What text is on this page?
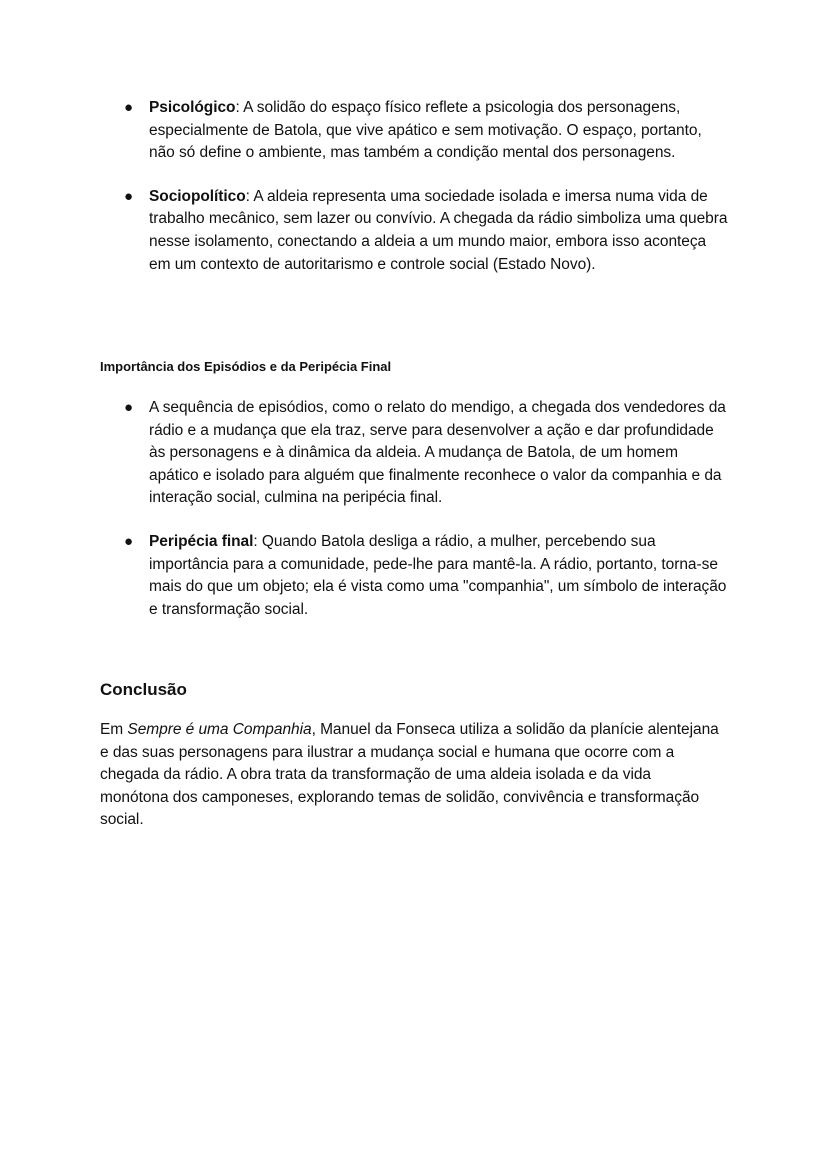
● Psicológico: A solidão do espaço físico reflete a psicologia dos personagens, especialmente de Batola, que vive apático e sem motivação. O espaço, portanto, não só define o ambiente, mas também a condição mental dos personagens.

● Sociopolítico: A aldeia representa uma sociedade isolada e imersa numa vida de trabalho mecânico, sem lazer ou convívio. A chegada da rádio simboliza uma quebra nesse isolamento, conectando a aldeia a um mundo maior, embora isso aconteça em um contexto de autoritarismo e controle social (Estado Novo).

Importância dos Episódios e da Peripécia Final

● A sequência de episódios, como o relato do mendigo, a chegada dos vendedores da rádio e a mudança que ela traz, serve para desenvolver a ação e dar profundidade às personagens e à dinâmica da aldeia. A mudança de Batola, de um homem apático e isolado para alguém que finalmente reconhece o valor da companhia e da interação social, culmina na peripécia final.

● Peripécia final: Quando Batola desliga a rádio, a mulher, percebendo sua importância para a comunidade, pede-lhe para mantê-la. A rádio, portanto, torna-se mais do que um objeto; ela é vista como uma "companhia", um símbolo de interação e transformação social.

Conclusão

Em Sempre é uma Companhia, Manuel da Fonseca utiliza a solidão da planície alentejana e das suas personagens para ilustrar a mudança social e humana que ocorre com a chegada da rádio. A obra trata da transformação de uma aldeia isolada e da vida monótona dos camponeses, explorando temas de solidão, convivência e transformação social.
